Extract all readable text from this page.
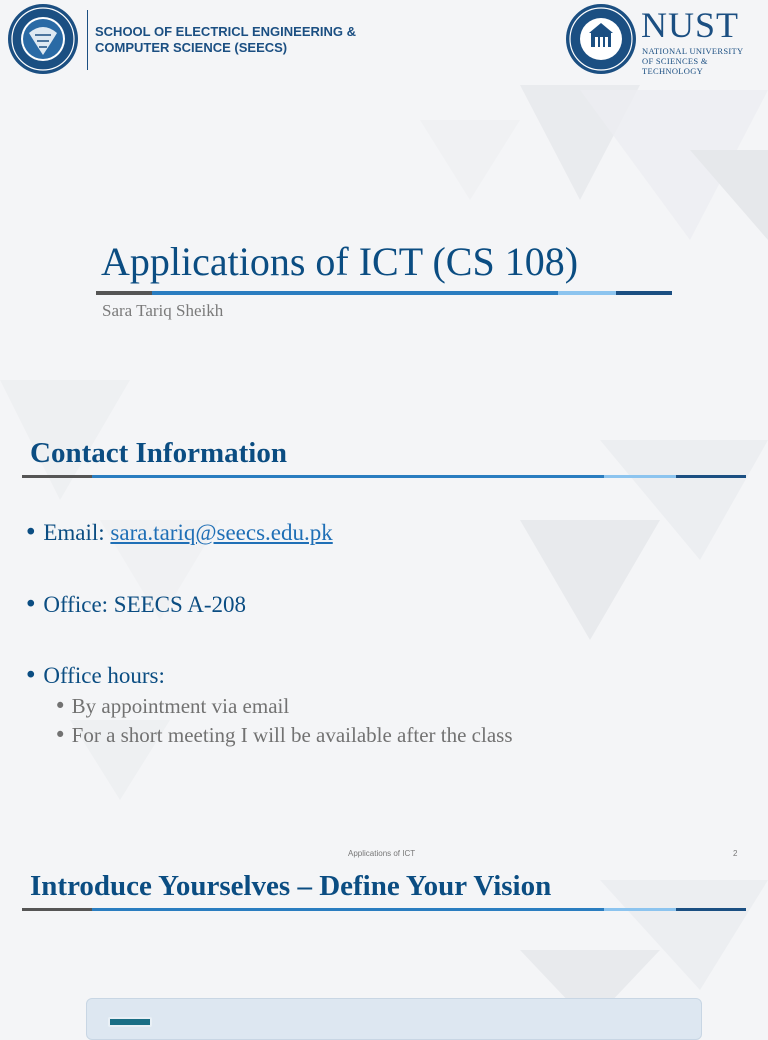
SCHOOL OF ELECTRICL ENGINEERING &
COMPUTER SCIENCE (SEECS)
NUST
NATIONAL UNIVERSITY
OF SCIENCES & TECHNOLOGY
Applications of ICT (CS 108)
Sara Tariq Sheikh
Contact Information
• Email: sara.tariq@seecs.edu.pk
• Office: SEECS A-208
• Office hours:
• By appointment via email
• For a short meeting I will be available after the class
Applications of ICT	2
Introduce Yourselves – Define Your Vision
